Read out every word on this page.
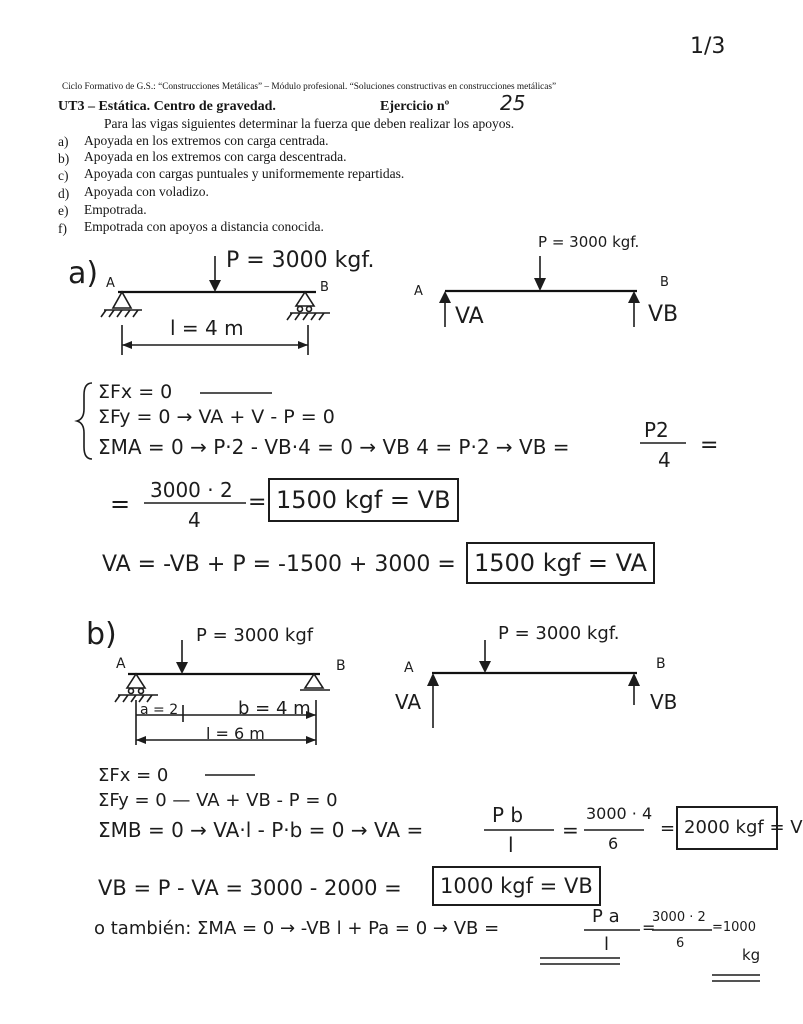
1/3
Ciclo Formativo de G.S.: “Construcciones Metálicas” – Módulo profesional. “Soluciones constructivas en construcciones metálicas”
UT3 – Estática. Centro de gravedad.	Ejercicio nº	25
Para las vigas siguientes determinar la fuerza que deben realizar los apoyos.
a) Apoyada en los extremos con carga centrada.
b) Apoyada en los extremos con carga descentrada.
c) Apoyada con cargas puntuales y uniformemente repartidas.
d) Apoyada con voladizo.
e) Empotrada.
f) Empotrada con apoyos a distancia conocida.
a)	P = 3000 kgf.
A	B
l = 4 m
P = 3000 kgf.
A
B
VA	VB
ΣFx = 0
ΣFy = 0 → VA + V - P = 0
ΣMA = 0 → P·2 - VB·4 = 0 → VB 4 = P·2 → VB =
P2
4
=
= 3000 · 2
4
= 1500 kgf = VB
VA = -VB + P = -1500 + 3000 = 1500 kgf = VA
b)	P = 3000 kgf
A	B
a = 2	b = 4 m
l = 6 m
P = 3000 kgf.
A	B
VA	VB
ΣFx = 0
ΣFy = 0 — VA + VB - P = 0
ΣMB = 0 → VA·l - P·b = 0 → VA =
P b
l
=
3000 · 4
6
= 2000 kgf = V
VB = P - VA = 3000 - 2000 =	1000 kgf = VB
o también: ΣMA = 0 → -VB l + Pa = 0 → VB =
P a
l
=
3000 · 2
6
=1000
kg
